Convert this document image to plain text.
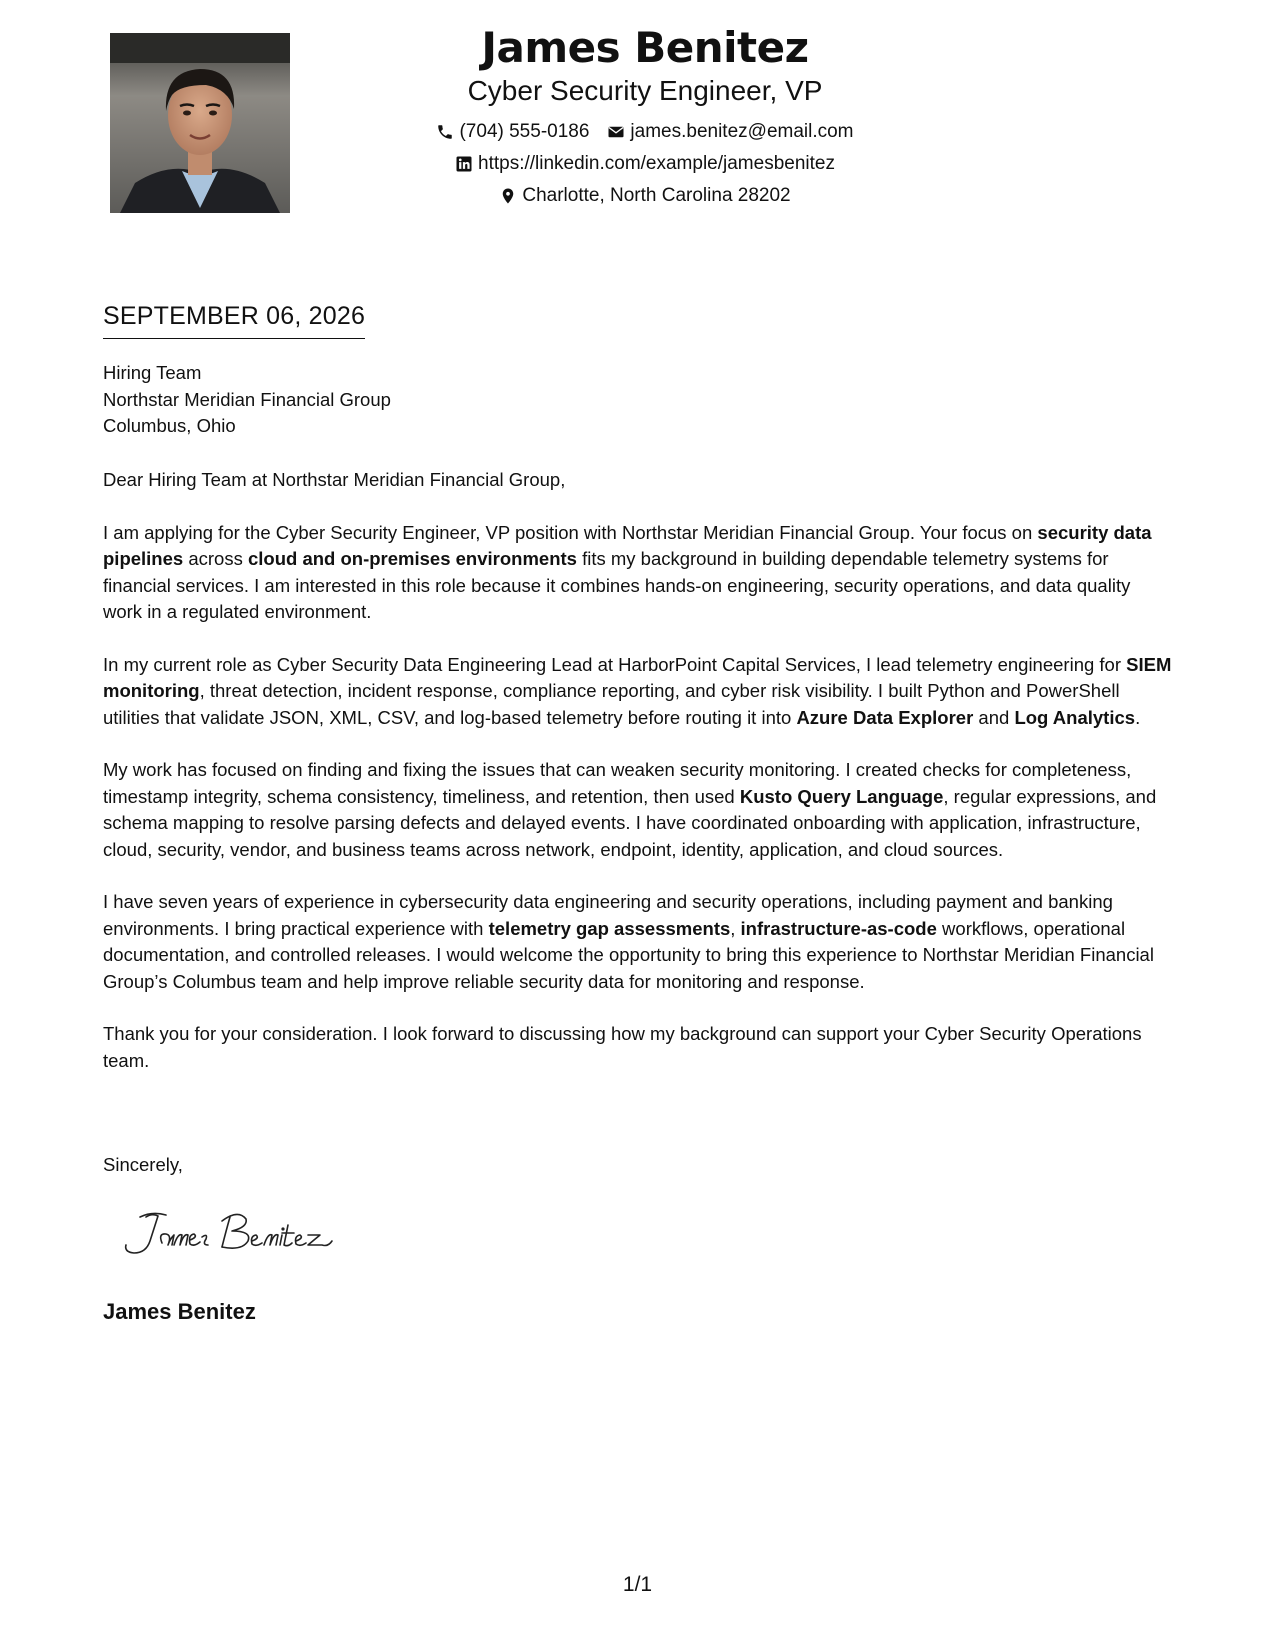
James Benitez
Cyber Security Engineer, VP
(704) 555-0186 james.benitez@email.com
https://linkedin.com/example/jamesbenitez
Charlotte, North Carolina 28202
SEPTEMBER 06, 2026
Hiring Team
Northstar Meridian Financial Group
Columbus, Ohio

Dear Hiring Team at Northstar Meridian Financial Group,

I am applying for the Cyber Security Engineer, VP position with Northstar Meridian Financial Group. Your focus on security data pipelines across cloud and on-premises environments fits my background in building dependable telemetry systems for financial services. I am interested in this role because it combines hands-on engineering, security operations, and data quality work in a regulated environment.

In my current role as Cyber Security Data Engineering Lead at HarborPoint Capital Services, I lead telemetry engineering for SIEM monitoring, threat detection, incident response, compliance reporting, and cyber risk visibility. I built Python and PowerShell utilities that validate JSON, XML, CSV, and log-based telemetry before routing it into Azure Data Explorer and Log Analytics.

My work has focused on finding and fixing the issues that can weaken security monitoring. I created checks for completeness, timestamp integrity, schema consistency, timeliness, and retention, then used Kusto Query Language, regular expressions, and schema mapping to resolve parsing defects and delayed events. I have coordinated onboarding with application, infrastructure, cloud, security, vendor, and business teams across network, endpoint, identity, application, and cloud sources.

I have seven years of experience in cybersecurity data engineering and security operations, including payment and banking environments. I bring practical experience with telemetry gap assessments, infrastructure-as-code workflows, operational documentation, and controlled releases. I would welcome the opportunity to bring this experience to Northstar Meridian Financial Group’s Columbus team and help improve reliable security data for monitoring and response.

Thank you for your consideration. I look forward to discussing how my background can support your Cyber Security Operations team.

Sincerely,
James Benitez
1/1
